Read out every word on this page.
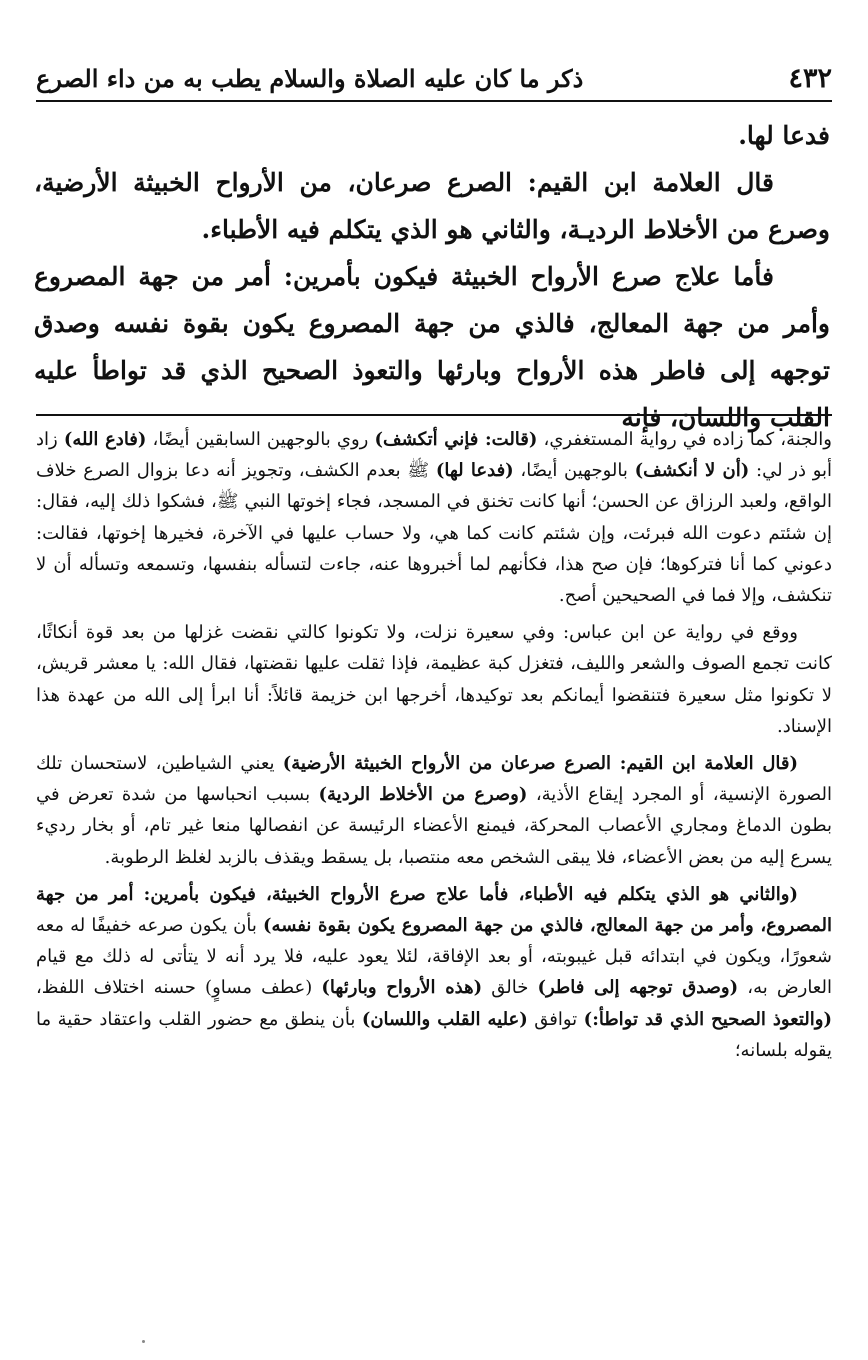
٤٣٢
ذكر ما كان عليه الصلاة والسلام يطب به من داء الصرع

فدعا لها.

قال العلامة ابن القيم: الصرع صرعان، من الأرواح الخبيثة الأرضية، وصرع من الأخلاط الرديـة، والثاني هو الذي يتكلم فيه الأطباء.

فأما علاج صرع الأرواح الخبيثة فيكون بأمرين: أمر من جهة المصروع وأمر من جهة المعالج، فالذي من جهة المصروع يكون بقوة نفسه وصدق توجهه إلى فاطر هذه الأرواح وبارئها والتعوذ الصحيح الذي قد تواطأ عليه القلب واللسان، فإنه

والجنة، كما زاده في رواية المستغفري، (قالت: فإني أتكشف) روي بالوجهين السابقين أيضًا، (فادع الله) زاد أبو ذر لي: (أن لا أنكشف) بالوجهين أيضًا، (فدعا لها) ﷺ بعدم الكشف، وتجويز أنه دعا بزوال الصرع خلاف الواقع، ولعبد الرزاق عن الحسن؛ أنها كانت تخنق في المسجد، فجاء إخوتها النبي ﷺ، فشكوا ذلك إليه، فقال: إن شئتم دعوت الله فبرئت، وإن شئتم كانت كما هي، ولا حساب عليها في الآخرة، فخيرها إخوتها، فقالت: دعوني كما أنا فتركوها؛ فإن صح هذا، فكأنهم لما أخبروها عنه، جاءت لتسأله بنفسها، وتسمعه وتسأله أن لا تنكشف، وإلا فما في الصحيحين أصح.

ووقع في رواية عن ابن عباس: وفي سعيرة نزلت، ولا تكونوا كالتي نقضت غزلها من بعد قوة أنكاثًا، كانت تجمع الصوف والشعر والليف، فتغزل كبة عظيمة، فإذا ثقلت عليها نقضتها، فقال الله: يا معشر قريش، لا تكونوا مثل سعيرة فتنقضوا أيمانكم بعد توكيدها، أخرجها ابن خزيمة قائلاً: أنا ابرأ إلى الله من عهدة هذا الإسناد.

(قال العلامة ابن القيم: الصرع صرعان من الأرواح الخبيثة الأرضية) يعني الشياطين، لاستحسان تلك الصورة الإنسية، أو المجرد إيقاع الأذية، (وصرع من الأخلاط الردية) بسبب انحباسها من شدة تعرض في بطون الدماغ ومجاري الأعصاب المحركة، فيمنع الأعضاء الرئيسة عن انفصالها منعا غير تام، أو بخار رديء يسرع إليه من بعض الأعضاء، فلا يبقى الشخص معه منتصبا، بل يسقط ويقذف بالزبد لغلظ الرطوبة.

(والثاني هو الذي يتكلم فيه الأطباء، فأما علاج صرع الأرواح الخبيثة، فيكون بأمرين: أمر من جهة المصروع، وأمر من جهة المعالج، فالذي من جهة المصروع يكون بقوة نفسه) بأن يكون صرعه خفيفًا له معه شعورًا، ويكون في ابتدائه قبل غيبوبته، أو بعد الإفاقة، لئلا يعود عليه، فلا يرد أنه لا يتأتى له ذلك مع قيام العارض به، (وصدق توجهه إلى فاطر) خالق (هذه الأرواح وبارئها) (عطف مساوٍ) حسنه اختلاف اللفظ، (والتعوذ الصحيح الذي قد تواطأ:) توافق (عليه القلب واللسان) بأن ينطق مع حضور القلب واعتقاد حقية ما يقوله بلسانه؛
